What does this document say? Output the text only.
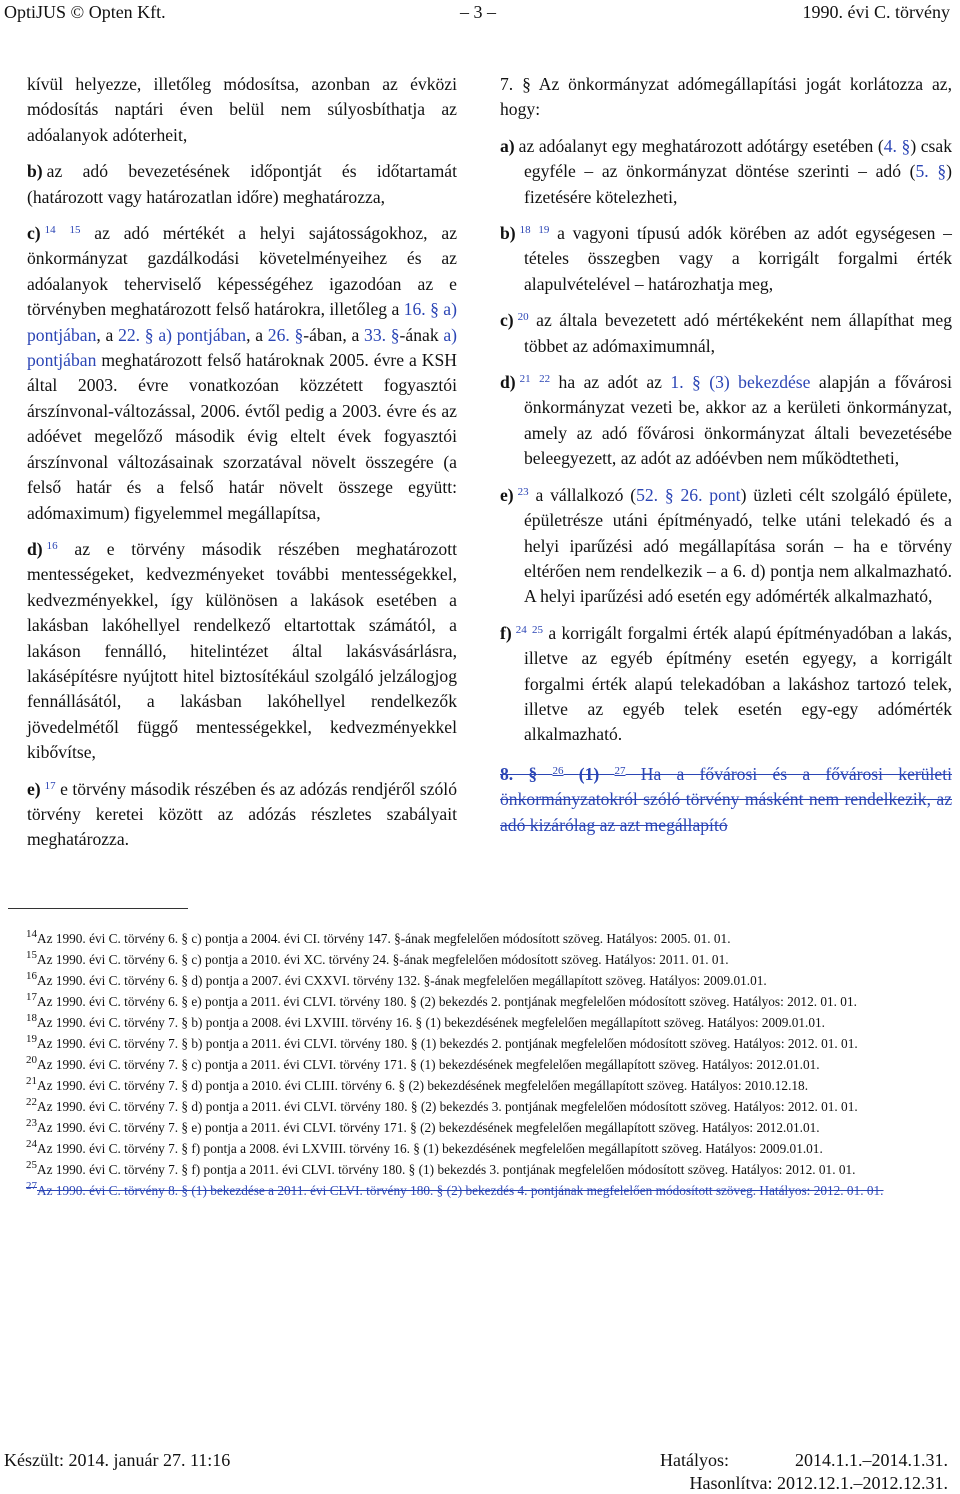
OptiJUS © Opten Kft.	– 3 –	1990. évi C. törvény

kívül helyezze, illetőleg módosítsa, azonban az évközi módosítás naptári éven belül nem súlyosbíthatja az adóalanyok adóterheit,

b) az adó bevezetésének időpontját és időtartamát (határozott vagy határozatlan időre) meghatározza,

c) $^{14}$ $^{15}$ az adó mértékét a helyi sajátosságokhoz, az önkormányzat gazdálkodási követelményeihez és az adóalanyok teherviselő képességéhez igazodóan az e törvényben meghatározott felső határokra, illetőleg a 16. § a) pontjában, a 22. § a) pontjában, a 26. §-ában, a 33. §-ának a) pontjában meghatározott felső határoknak 2005. évre a KSH által 2003. évre vonatkozóan közzétett fogyasztói árszínvonal-változással, 2006. évtől pedig a 2003. évre és az adóévet megelőző második évig eltelt évek fogyasztói árszínvonal változásainak szorzatával növelt összegére (a felső határ és a felső határ növelt összege együtt: adómaximum) figyelemmel megállapítsa,

d) $^{16}$ az e törvény második részében meghatározott mentességeket, kedvezményeket további mentességekkel, kedvezményekkel, így különösen a lakások esetében a lakásban lakóhellyel rendelkező eltartottak számától, a lakáson fennálló, hitelintézet által lakásvásárlásra, lakásépítésre nyújtott hitel biztosítékául szolgáló jelzálogjog fennállásától, a lakásban lakóhellyel rendelkezők jövedelmétől függő mentességekkel, kedvezményekkel kibővítse,

e) $^{17}$ e törvény második részében és az adózás rendjéről szóló törvény keretei között az adózás részletes szabályait meghatározza.

7. § Az önkormányzat adómegállapítási jogát korlátozza az, hogy:

a) az adóalanyt egy meghatározott adótárgy esetében (4. §) csak egyféle – az önkormányzat döntése szerinti – adó (5. §) fizetésére kötelezheti,

b) $^{18}$ $^{19}$ a vagyoni típusú adók körében az adót egységesen – tételes összegben vagy a korrigált forgalmi érték alapulvételével – határozhatja meg,

c) $^{20}$ az általa bevezetett adó mértékeként nem állapíthat meg többet az adómaximumnál,

d) $^{21}$ $^{22}$ ha az adót az 1. § (3) bekezdése alapján a fővárosi önkormányzat vezeti be, akkor az a kerületi önkormányzat, amely az adó fővárosi önkormányzat általi bevezetésébe beleegyezett, az adót az adóévben nem működtetheti,

e) $^{23}$ a vállalkozó (52. § 26. pont) üzleti célt szolgáló épülete, épületrésze utáni építményadó, telke utáni telekadó és a helyi iparűzési adó megállapítása során – ha e törvény eltérően nem rendelkezik – a 6. d) pontja nem alkalmazható. A helyi iparűzési adó esetén egy adómérték alkalmazható,

f) $^{24}$ $^{25}$ a korrigált forgalmi érték alapú építményadóban a lakás, illetve az egyéb építmény esetén egyegy, a korrigált forgalmi érték alapú telekadóban a lakáshoz tartozó telek, illetve az egyéb telek esetén egy-egy adómérték alkalmazható.

8. § $^{26}$ (1) $^{27}$ Ha a fővárosi és a fővárosi kerületi önkormányzatokról szóló törvény másként nem rendelkezik, az adó kizárólag az azt megállapító

$^{14}$Az 1990. évi C. törvény 6. § c) pontja a 2004. évi CI. törvény 147. §-ának megfelelően módosított szöveg. Hatályos: 2005. 01. 01.

$^{15}$Az 1990. évi C. törvény 6. § c) pontja a 2010. évi XC. törvény 24. §-ának megfelelően módosított szöveg. Hatályos: 2011. 01. 01.

$^{16}$Az 1990. évi C. törvény 6. § d) pontja a 2007. évi CXXVI. törvény 132. §-ának megfelelően megállapított szöveg. Hatályos: 2009.01.01.

$^{17}$Az 1990. évi C. törvény 6. § e) pontja a 2011. évi CLVI. törvény 180. § (2) bekezdés 2. pontjának megfelelően módosított szöveg. Hatályos: 2012. 01. 01.

$^{18}$Az 1990. évi C. törvény 7. § b) pontja a 2008. évi LXVIII. törvény 16. § (1) bekezdésének megfelelően megállapított szöveg. Hatályos: 2009.01.01.

$^{19}$Az 1990. évi C. törvény 7. § b) pontja a 2011. évi CLVI. törvény 180. § (1) bekezdés 2. pontjának megfelelően módosított szöveg. Hatályos: 2012. 01. 01.

$^{20}$Az 1990. évi C. törvény 7. § c) pontja a 2011. évi CLVI. törvény 171. § (1) bekezdésének megfelelően megállapított szöveg. Hatályos: 2012.01.01.

$^{21}$Az 1990. évi C. törvény 7. § d) pontja a 2010. évi CLIII. törvény 6. § (2) bekezdésének megfelelően megállapított szöveg. Hatályos: 2010.12.18.

$^{22}$Az 1990. évi C. törvény 7. § d) pontja a 2011. évi CLVI. törvény 180. § (2) bekezdés 3. pontjának megfelelően módosított szöveg. Hatályos: 2012. 01. 01.

$^{23}$Az 1990. évi C. törvény 7. § e) pontja a 2011. évi CLVI. törvény 171. § (2) bekezdésének megfelelően megállapított szöveg. Hatályos: 2012.01.01.

$^{24}$Az 1990. évi C. törvény 7. § f) pontja a 2008. évi LXVIII. törvény 16. § (1) bekezdésének megfelelően megállapított szöveg. Hatályos: 2009.01.01.

$^{25}$Az 1990. évi C. törvény 7. § f) pontja a 2011. évi CLVI. törvény 180. § (1) bekezdés 3. pontjának megfelelően módosított szöveg. Hatályos: 2012. 01. 01.

$^{27}$Az 1990. évi C. törvény 8. § (1) bekezdése a 2011. évi CLVI. törvény 180. § (2) bekezdés 4. pontjának megfelelően módosított szöveg. Hatályos: 2012. 01. 01.

Készült: 2014. január 27. 11:16	Hatályos:	2014.1.1.–2014.1.31.
Hasonlítva: 2012.12.1.–2012.12.31.
